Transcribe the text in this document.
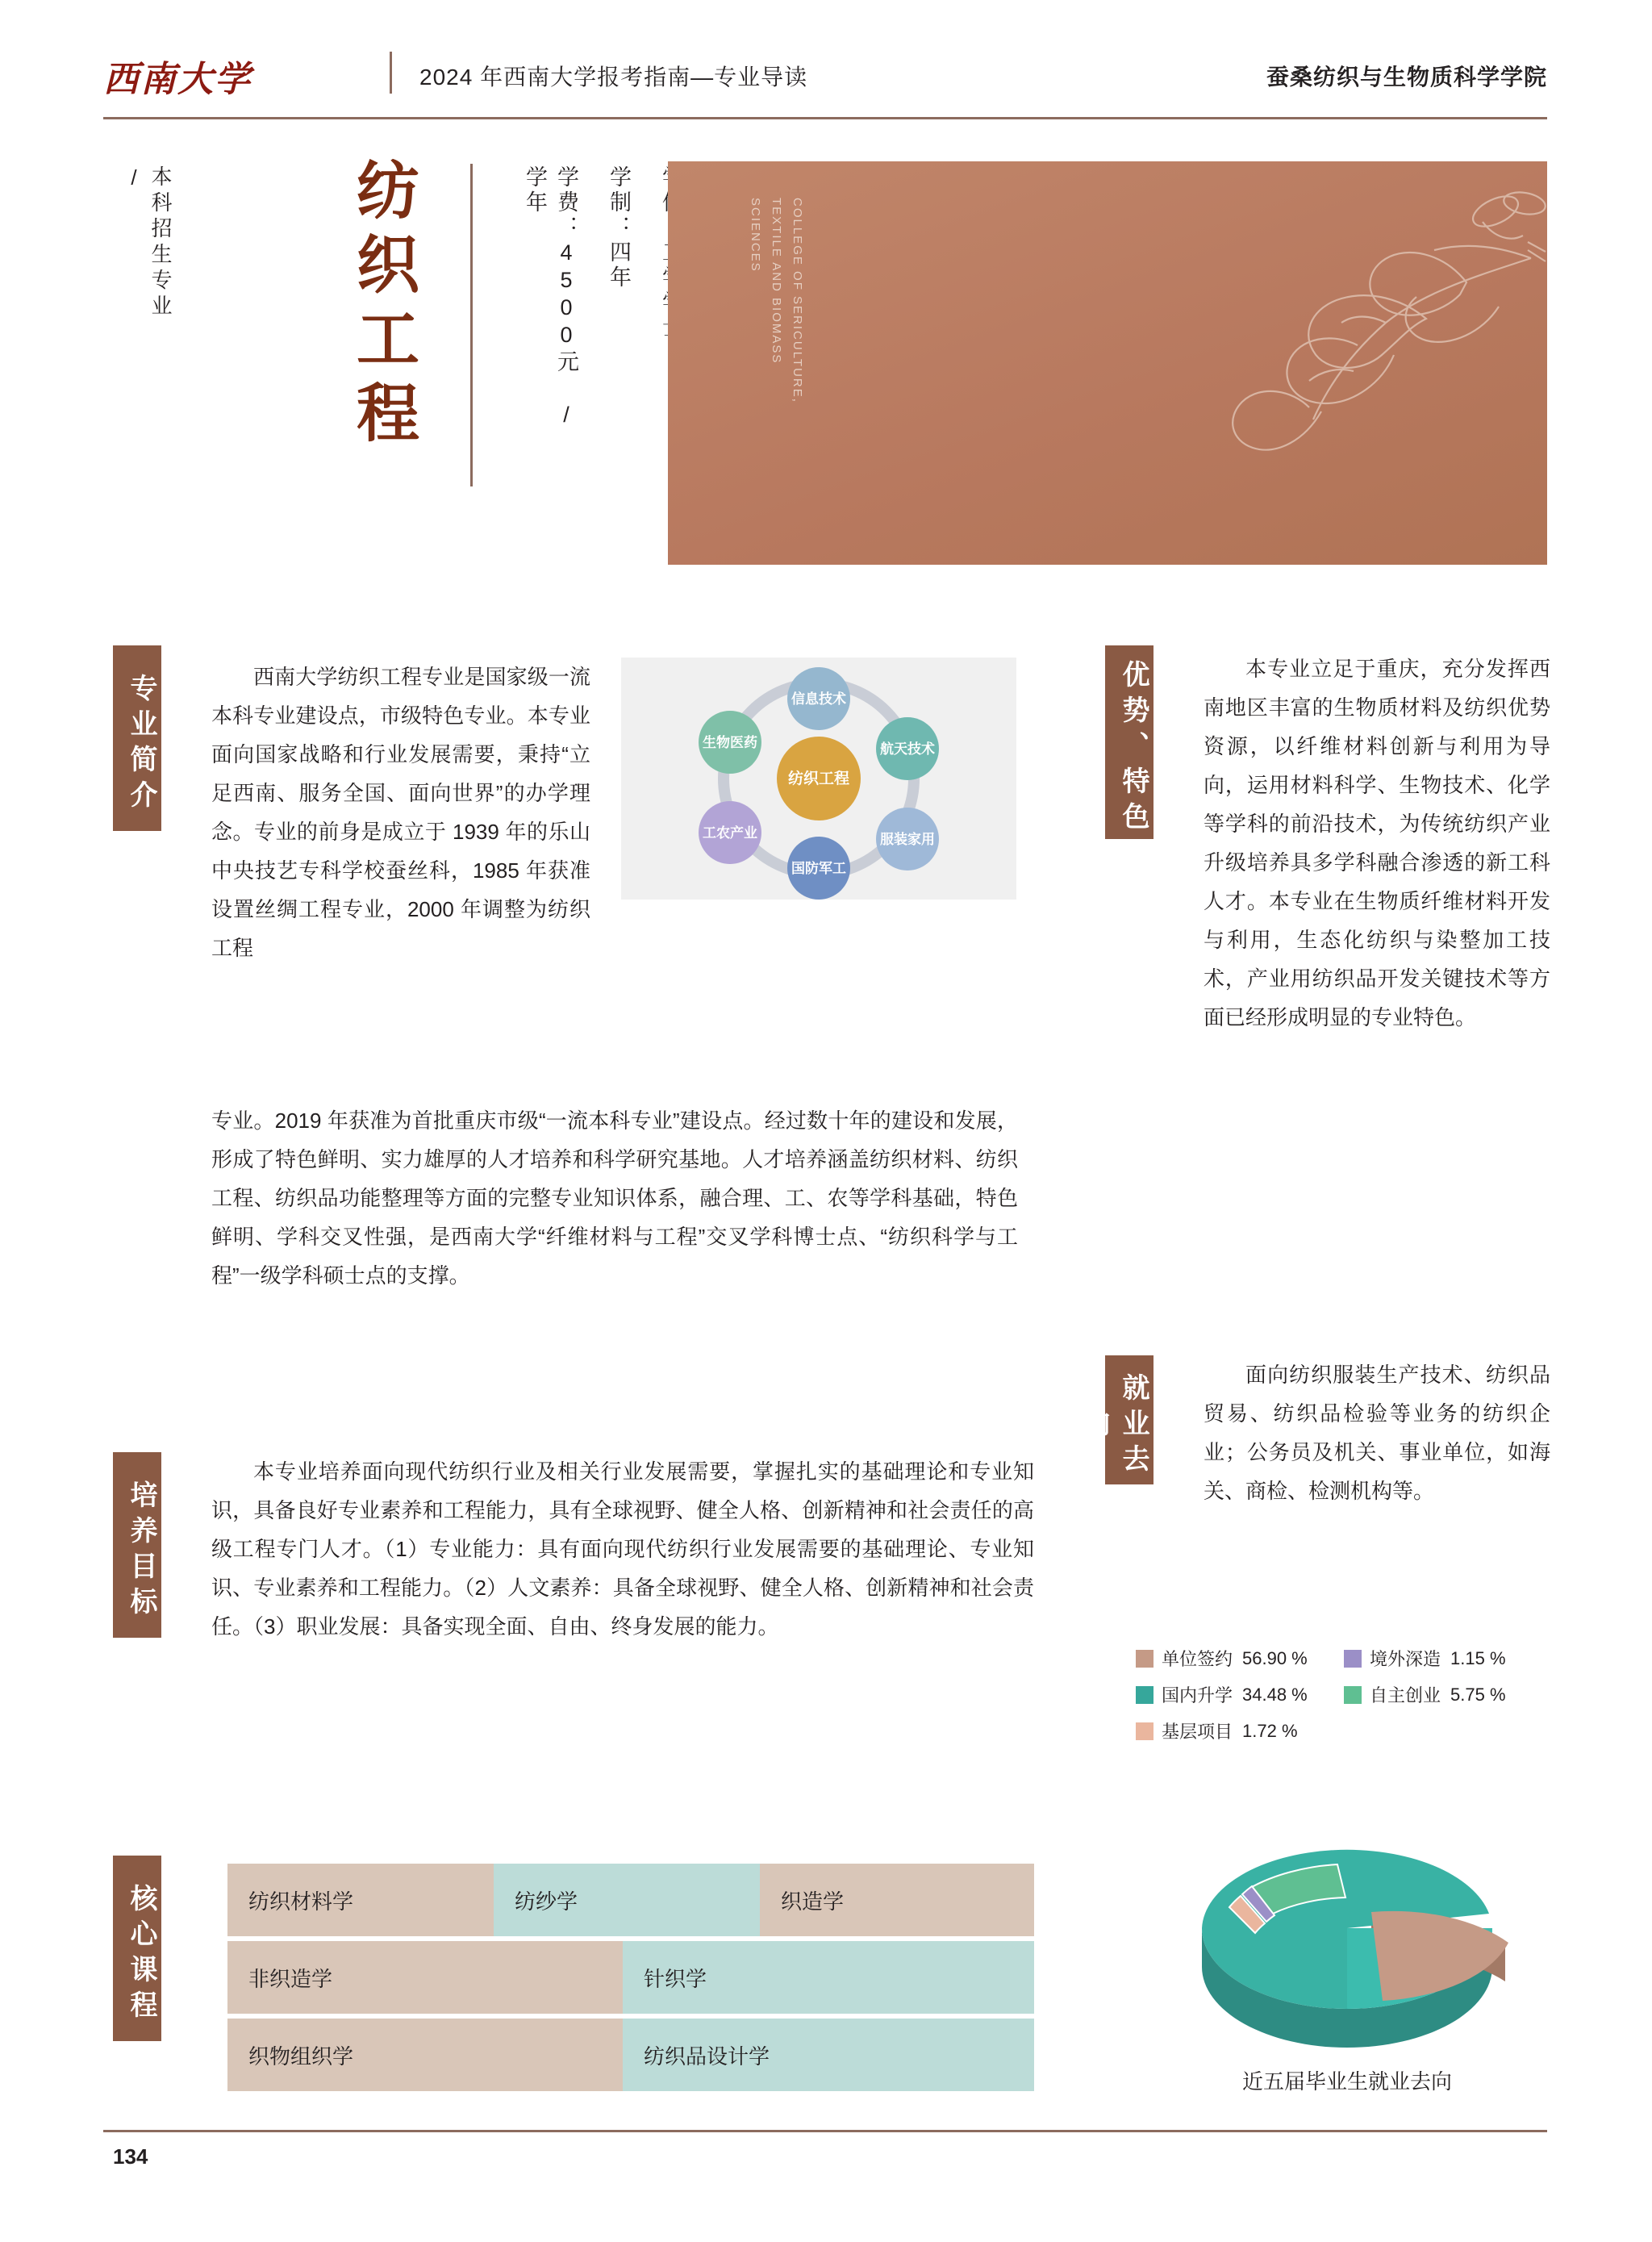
西南大学	2024 年西南大学报考指南—专业导读	蚕桑纺织与生物质科学学院
本科招生专业 /	纺织工程	学制：四年
学费：4500元 / 学年
COLLEGE OF SERICULTURE,
TEXTILE AND BIOMASS
SCIENCES
专业简介	西南大学纺织工程专业是国家级一流本科专业建设点，市级特色专业。本专业面向国家战略和行业发展需要，秉持“立足西南、服务全国、面向世界”的办学理念。专业的前身是成立于 1939 年的乐山中央技艺专科学校蚕丝科，1985 年获准设置丝绸工程专业，2000 年调整为纺织工程
纺织工程
信息技术
航天技术
服装家用
国防军工
工农产业
生物医药
专业。2019 年获准为首批重庆市级“一流本科专业”建设点。经过数十年的建设和发展，形成了特色鲜明、实力雄厚的人才培养和科学研究基地。人才培养涵盖纺织材料、纺织工程、纺织品功能整理等方面的完整专业知识体系，融合理、工、农等学科基础，特色鲜明、学科交叉性强，是西南大学“纤维材料与工程”交叉学科博士点、“纺织科学与工程”一级学科硕士点的支撑。
培养目标
本专业培养面向现代纺织行业及相关行业发展需要，掌握扎实的基础理论和专业知识，具备良好专业素养和工程能力，具有全球视野、健全人格、创新精神和社会责任的高级工程专门人才。（1）专业能力：具有面向现代纺织行业发展需要的基础理论、专业知识、专业素养和工程能力。（2）人文素养：具备全球视野、健全人格、创新精神和社会责任。（3）职业发展：具备实现全面、自由、终身发展的能力。
核心课程	纺织材料学	纺纱学	织造学
非织造学	针织学
织物组织学	纺织品设计学
优势、特色	本专业立足于重庆，充分发挥西南地区丰富的生物质材料及纺织优势资源，以纤维材料创新与利用为导向，运用材料科学、生物技术、化学等学科的前沿技术，为传统纺织产业升级培养具多学科融合渗透的新工科人才。本专业在生物质纤维材料开发与利用，生态化纺织与染整加工技术，产业用纺织品开发关键技术等方面已经形成明显的专业特色。
就业去向
面向纺织服装生产技术、纺织品贸易、纺织品检验等业务的纺织企业；公务员及机关、事业单位，如海关、商检、检测机构等。
单位签约 56.90 %	境外深造 1.15 %
国内升学 34.48 %	自主创业 5.75 %
基层项目 1.72 %
近五届毕业生就业去向
134
